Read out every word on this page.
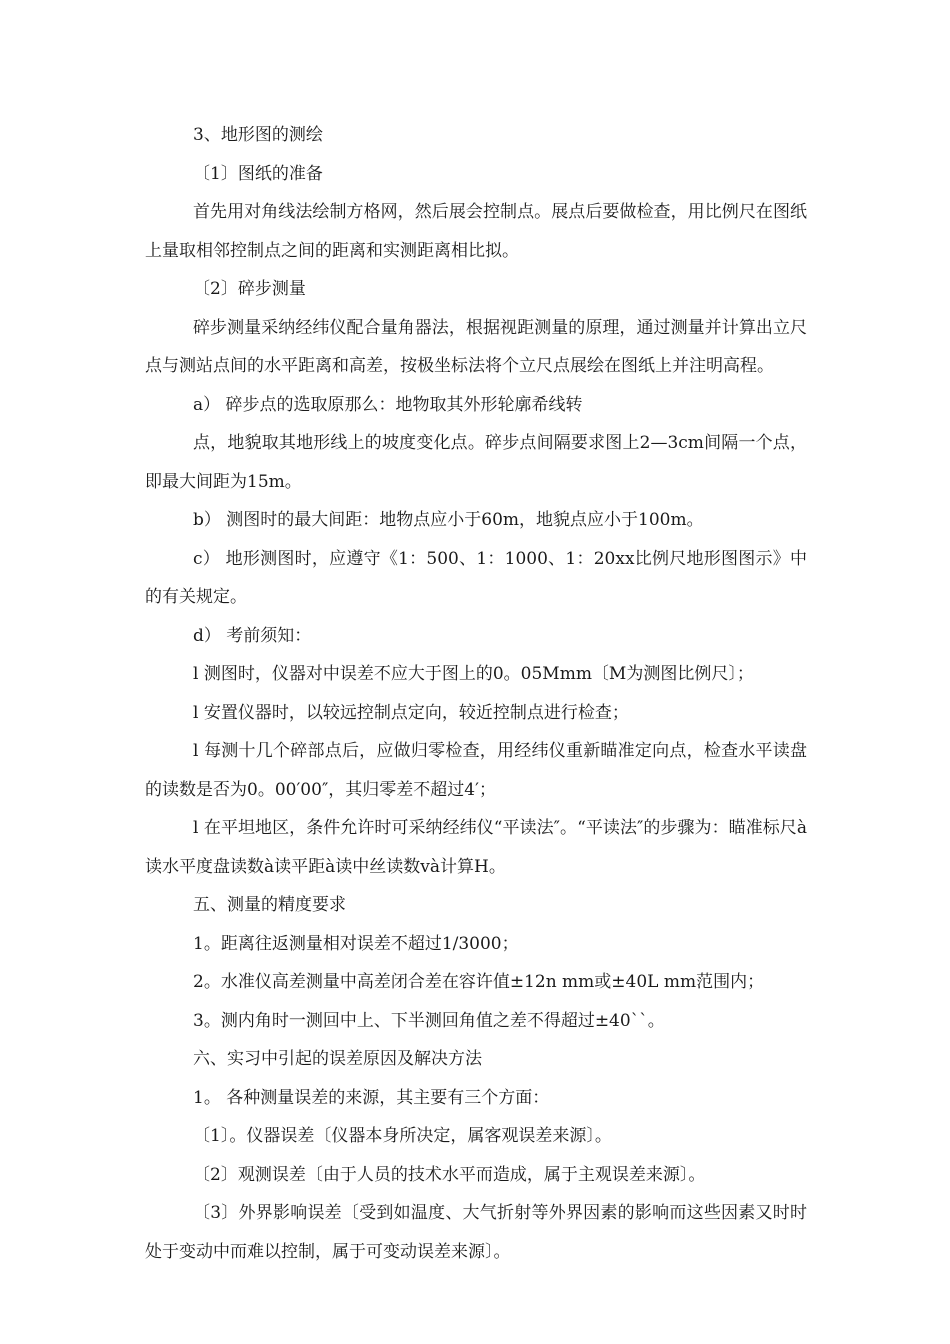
3、地形图的测绘

〔1〕图纸的准备

首先用对角线法绘制方格网，然后展会控制点。展点后要做检查，用比例尺在图纸上量取相邻控制点之间的距离和实测距离相比拟。

〔2〕碎步测量

碎步测量采纳经纬仪配合量角器法，根据视距测量的原理，通过测量并计算出立尺点与测站点间的水平距离和高差，按极坐标法将个立尺点展绘在图纸上并注明高程。

a） 碎步点的选取原那么：地物取其外形轮廓希线转

点，地貌取其地形线上的坡度变化点。碎步点间隔要求图上2—3cm间隔一个点，即最大间距为15m。

b） 测图时的最大间距：地物点应小于60m，地貌点应小于100m。

c） 地形测图时，应遵守《1：500、1：1000、1：20xx比例尺地形图图示》中的有关规定。

d） 考前须知：

l 测图时，仪器对中误差不应大于图上的0。05Mmm〔M为测图比例尺〕；

l 安置仪器时，以较远控制点定向，较近控制点进行检查；

l 每测十几个碎部点后，应做归零检查，用经纬仪重新瞄准定向点，检查水平读盘的读数是否为0。00′00″，其归零差不超过4′；

l 在平坦地区，条件允许时可采纳经纬仪“平读法″。“平读法″的步骤为：瞄准标尺à读水平度盘读数à读平距à读中丝读数và计算H。

五、测量的精度要求

1。距离往返测量相对误差不超过1/3000；

2。水准仪高差测量中高差闭合差在容许值±12n mm或±40L mm范围内；

3。测内角时一测回中上、下半测回角值之差不得超过±40``。

六、实习中引起的误差原因及解决方法

1。 各种测量误差的来源，其主要有三个方面：

〔1〕。仪器误差〔仪器本身所决定，属客观误差来源〕。

〔2〕观测误差〔由于人员的技术水平而造成，属于主观误差来源〕。

〔3〕外界影响误差〔受到如温度、大气折射等外界因素的影响而这些因素又时时处于变动中而难以控制，属于可变动误差来源〕。
